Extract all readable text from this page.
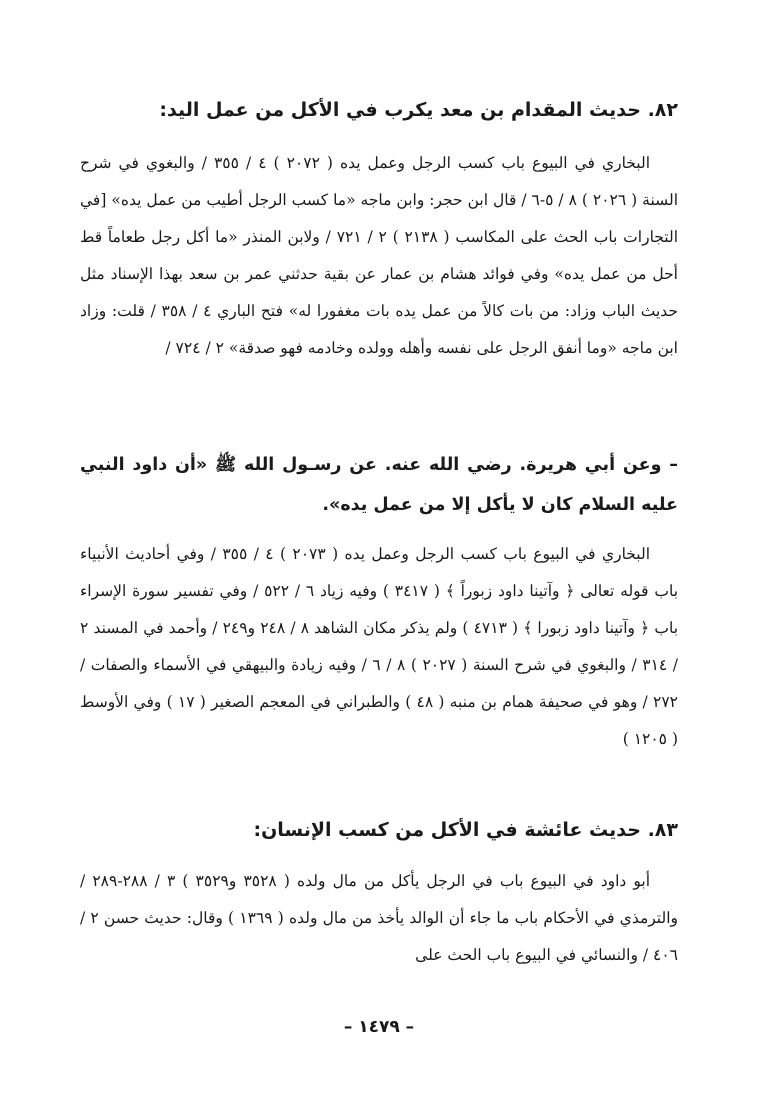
٨٢. حديث المقدام بن معد يكرب في الأكل من عمل اليد:
البخاري في البيوع باب كسب الرجل وعمل يده ( ٢٠٧٢ ) ٤ / ٣٥٥ / والبغوي في شرح السنة ( ٢٠٢٦ ) ٨ / ٥-٦ / قال ابن حجر: وابن ماجه «ما كسب الرجل أطيب من عمل يده» [في التجارات باب الحث على المكاسب ( ٢١٣٨ ) ٢ / ٧٢١ / ولابن المنذر «ما أكل رجل طعاماً قط أحل من عمل يده» وفي فوائد هشام بن عمار عن بقية حدثني عمر بن سعد بهذا الإسناد مثل حديث الباب وزاد: من بات كالاً من عمل يده بات مغفورا له» فتح الباري ٤ / ٣٥٨ / قلت: وزاد ابن ماجه «وما أنفق الرجل على نفسه وأهله وولده وخادمه فهو صدقة» ٢ / ٧٢٤ /
– وعن أبي هريرة. رضي الله عنه. عن رسـول الله ﷺ «أن داود النبي عليه السلام كان لا يأكل إلا من عمل يده».
البخاري في البيوع باب كسب الرجل وعمل يده ( ٢٠٧٣ ) ٤ / ٣٥٥ / وفي أحاديث الأنبياء باب قوله تعالى ﴿ وآتينا داود زبوراً ﴾ ( ٣٤١٧ ) وفيه زياد ٦ / ٥٢٢ / وفي تفسير سورة الإسراء باب ﴿ وآتينا داود زبورا ﴾ ( ٤٧١٣ ) ولم يذكر مكان الشاهد ٨ / ٢٤٨ و٢٤٩ / وأحمد في المسند ٢ / ٣١٤ / والبغوي في شرح السنة ( ٢٠٢٧ ) ٨ / ٦ / وفيه زيادة والبيهقي في الأسماء والصفات / ٢٧٢ / وهو في صحيفة همام بن منبه ( ٤٨ ) والطبراني في المعجم الصغير ( ١٧ ) وفي الأوسط ( ١٢٠٥ )
٨٣. حديث عائشة في الأكل من كسب الإنسان:
أبو داود في البيوع باب في الرجل يأكل من مال ولده ( ٣٥٢٨ و٣٥٢٩ ) ٣ / ٢٨٨-٢٨٩ / والترمذي في الأحكام باب ما جاء أن الوالد يأخذ من مال ولده ( ١٣٦٩ ) وقال: حديث حسن ٢ / ٤٠٦ / والنسائي في البيوع باب الحث على
– ١٤٧٩ –
